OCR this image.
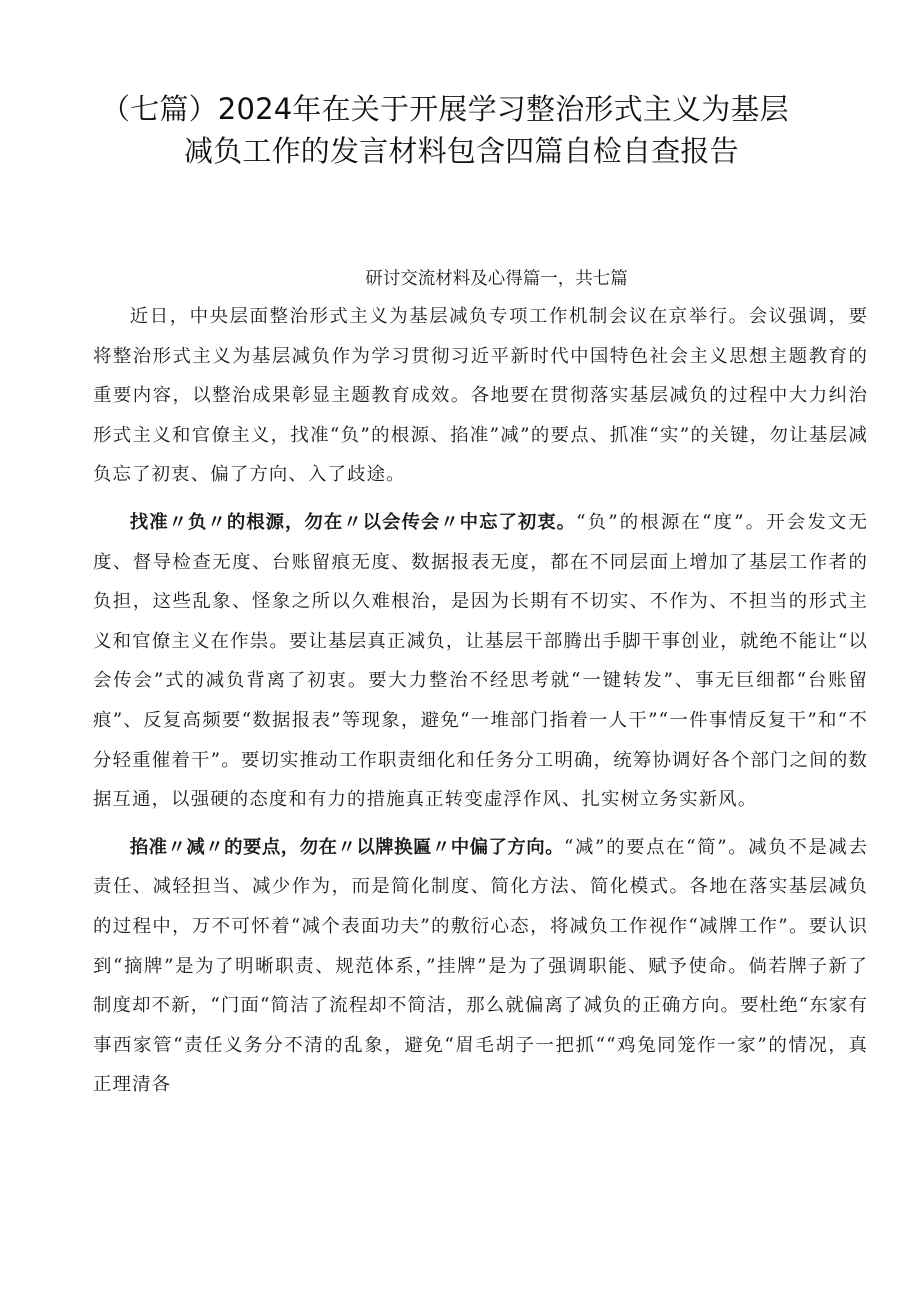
（七篇）2024年在关于开展学习整治形式主义为基层
减负工作的发言材料包含四篇自检自查报告

研讨交流材料及心得篇一，共七篇

近日，中央层面整治形式主义为基层减负专项工作机制会议在京举行。会议强调，要将整治形式主义为基层减负作为学习贯彻习近平新时代中国特色社会主义思想主题教育的重要内容，以整治成果彰显主题教育成效。各地要在贯彻落实基层减负的过程中大力纠治形式主义和官僚主义，找准“负”的根源、掐准”减”的要点、抓准“实”的关键，勿让基层减负忘了初衷、偏了方向、入了歧途。

找准〃负〃的根源，勿在〃以会传会〃中忘了初衷。“负”的根源在“度”。开会发文无度、督导检查无度、台账留痕无度、数据报表无度，都在不同层面上增加了基层工作者的负担，这些乱象、怪象之所以久难根治，是因为长期有不切实、不作为、不担当的形式主义和官僚主义在作祟。要让基层真正减负，让基层干部腾出手脚干事创业，就绝不能让“以会传会”式的减负背离了初衷。要大力整治不经思考就“一键转发”、事无巨细都“台账留痕”、反复高频要“数据报表”等现象，避免“一堆部门指着一人干”“一件事情反复干”和“不分轻重催着干”。要切实推动工作职责细化和任务分工明确，统筹协调好各个部门之间的数据互通，以强硬的态度和有力的措施真正转变虚浮作风、扎实树立务实新风。

掐准〃减〃的要点，勿在〃以牌换匾〃中偏了方向。“减”的要点在“简”。减负不是减去责任、减轻担当、减少作为，而是简化制度、简化方法、简化模式。各地在落实基层减负的过程中，万不可怀着“减个表面功夫”的敷衍心态，将减负工作视作“减牌工作”。要认识到“摘牌”是为了明晰职责、规范体系，”挂牌”是为了强调职能、赋予使命。倘若牌子新了制度却不新，“门面“简洁了流程却不简洁，那么就偏离了减负的正确方向。要杜绝“东家有事西家管“责任义务分不清的乱象，避免“眉毛胡子一把抓““鸡兔同笼作一家”的情况，真正理清各
